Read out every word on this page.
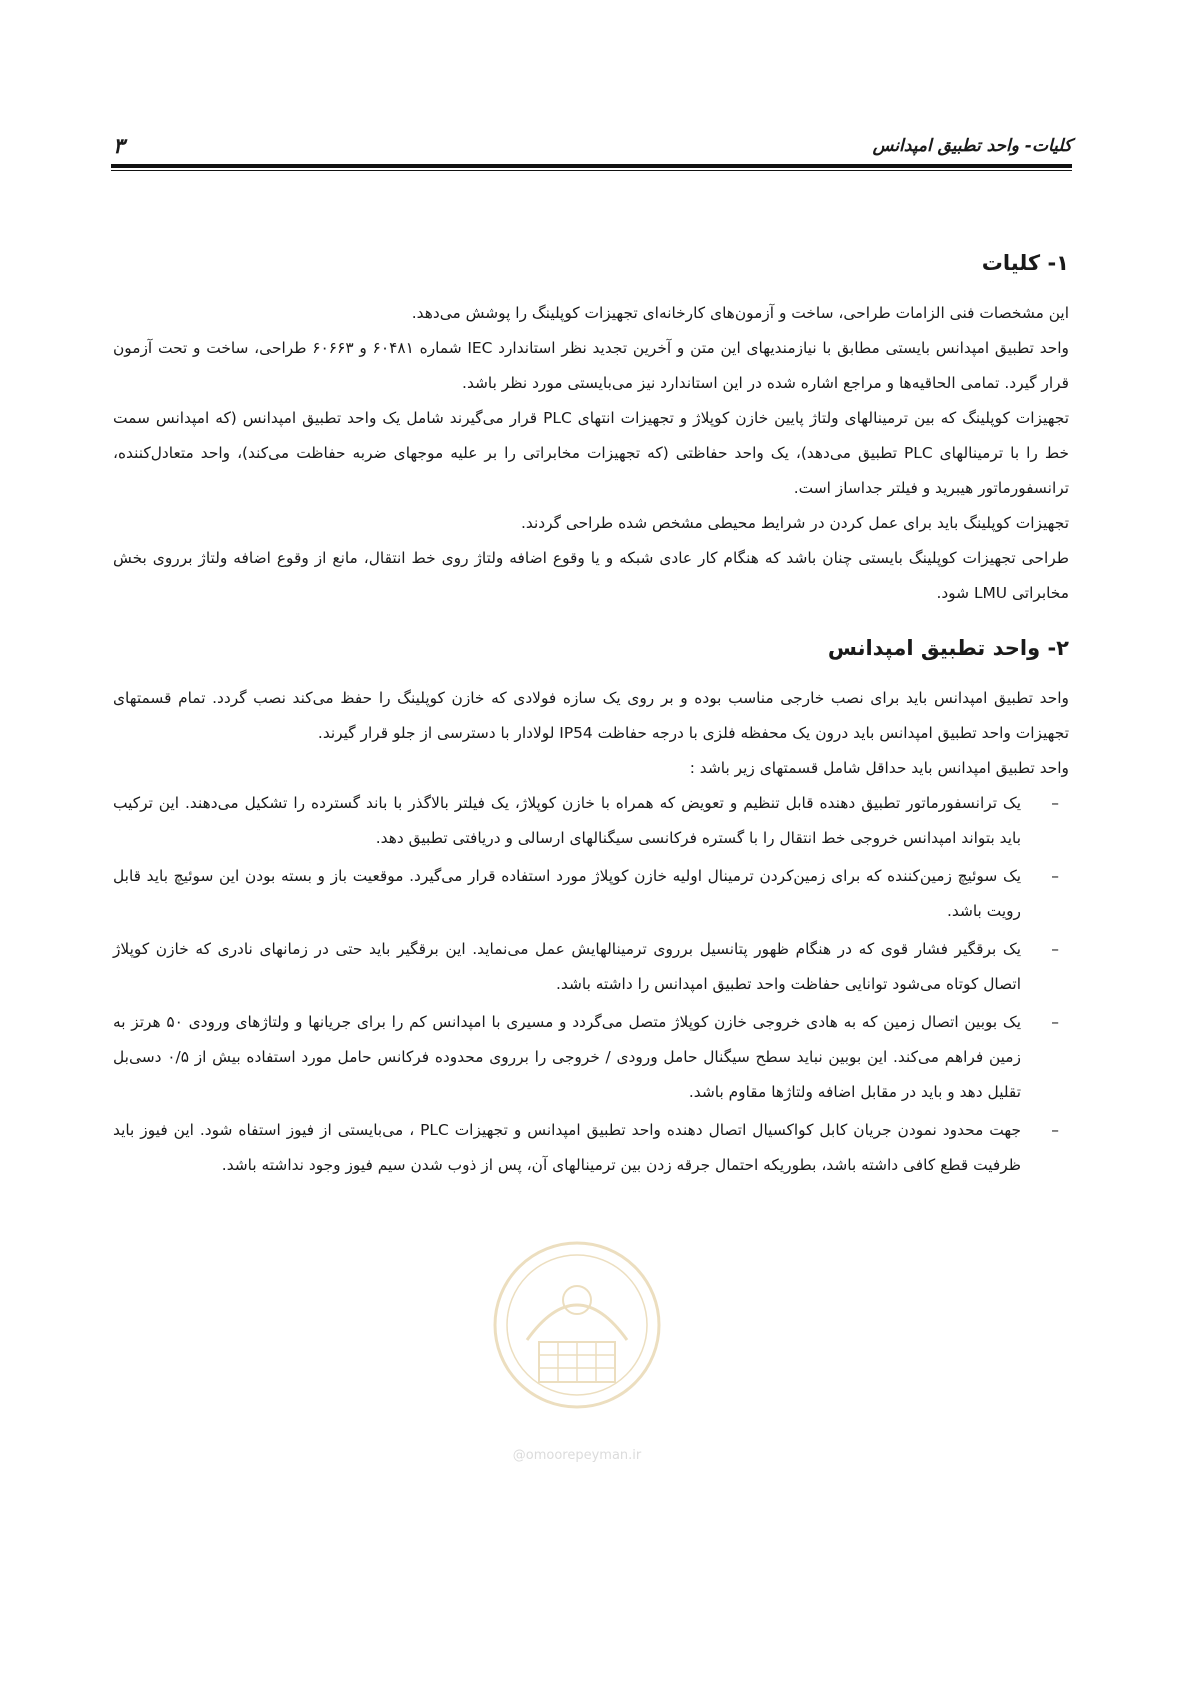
کلیات- واحد تطبیق امپدانس
۳
۱- کلیات

این مشخصات فنی الزامات طراحی، ساخت و آزمون‌های کارخانه‌ای تجهیزات کوپلینگ را پوشش می‌دهد.

واحد تطبیق امپدانس بایستی مطابق با نیازمندیهای این متن و آخرین تجدید نظر استاندارد IEC شماره ۶۰۴۸۱ و ۶۰۶۶۳ طراحی، ساخت و تحت آزمون قرار گیرد. تمامی الحاقیه‌ها و مراجع اشاره شده در این استاندارد نیز می‌بایستی مورد نظر باشد.

تجهیزات کوپلینگ که بین ترمینالهای ولتاژ پایین خازن کوپلاژ و تجهیزات انتهای PLC قرار می‌گیرند شامل یک واحد تطبیق امپدانس (که امپدانس سمت خط را با ترمینالهای PLC تطبیق می‌دهد)، یک واحد حفاظتی (که تجهیزات مخابراتی را بر علیه موجهای ضربه حفاظت می‌کند)، واحد متعادل‌کننده، ترانسفورماتور هیبرید و فیلتر جداساز است.

تجهیزات کوپلینگ باید برای عمل کردن در شرایط محیطی مشخص شده طراحی گردند.

طراحی تجهیزات کوپلینگ بایستی چنان باشد که هنگام کار عادی شبکه و یا وقوع اضافه ولتاژ روی خط انتقال، مانع از وقوع اضافه ولتاژ برروی بخش مخابراتی LMU شود.

۲- واحد تطبیق امپدانس

واحد تطبیق امپدانس باید برای نصب خارجی مناسب بوده و بر روی یک سازه فولادی که خازن کوپلینگ را حفظ می‌کند نصب گردد. تمام قسمتهای تجهیزات واحد تطبیق امپدانس باید درون یک محفظه فلزی با درجه حفاظت IP54 لولادار با دسترسی از جلو قرار گیرند.

واحد تطبیق امپدانس باید حداقل شامل قسمتهای زیر باشد :

–
یک ترانسفورماتور تطبیق دهنده قابل تنظیم و تعویض که همراه با خازن کوپلاژ، یک فیلتر بالاگذر با باند گسترده را تشکیل می‌دهند. این ترکیب باید بتواند امپدانس خروجی خط انتقال را با گستره فرکانسی سیگنالهای ارسالی و دریافتی تطبیق دهد.
–
یک سوئیچ زمین‌کننده که برای زمین‌کردن ترمینال اولیه خازن کوپلاژ مورد استفاده قرار می‌گیرد. موقعیت باز و بسته بودن این سوئیچ باید قابل رویت باشد.
–
یک برقگیر فشار قوی که در هنگام ظهور پتانسیل برروی ترمینالهایش عمل می‌نماید. این برقگیر باید حتی در زمانهای نادری که خازن کوپلاژ اتصال کوتاه می‌شود توانایی حفاظت واحد تطبیق امپدانس را داشته باشد.
–
یک بوبین اتصال زمین که به هادی خروجی خازن کوپلاژ متصل می‌گردد و مسیری با امپدانس کم را برای جریانها و ولتاژهای ورودی ۵۰ هرتز به زمین فراهم می‌کند. این بوبین نباید سطح سیگنال حامل ورودی / خروجی را برروی محدوده فرکانس حامل مورد استفاده بیش از ۰/۵ دسی‌بل تقلیل دهد و باید در مقابل اضافه ولتاژها مقاوم باشد.
–
جهت محدود نمودن جریان کابل کواکسیال اتصال دهنده واحد تطبیق امپدانس و تجهیزات PLC ، می‌بایستی از فیوز استفاه شود. این فیوز باید ظرفیت قطع کافی داشته باشد، بطوریکه احتمال جرقه زدن بین ترمینالهای آن، پس از ذوب شدن سیم فیوز وجود نداشته باشد.
@omoorepeyman.ir
